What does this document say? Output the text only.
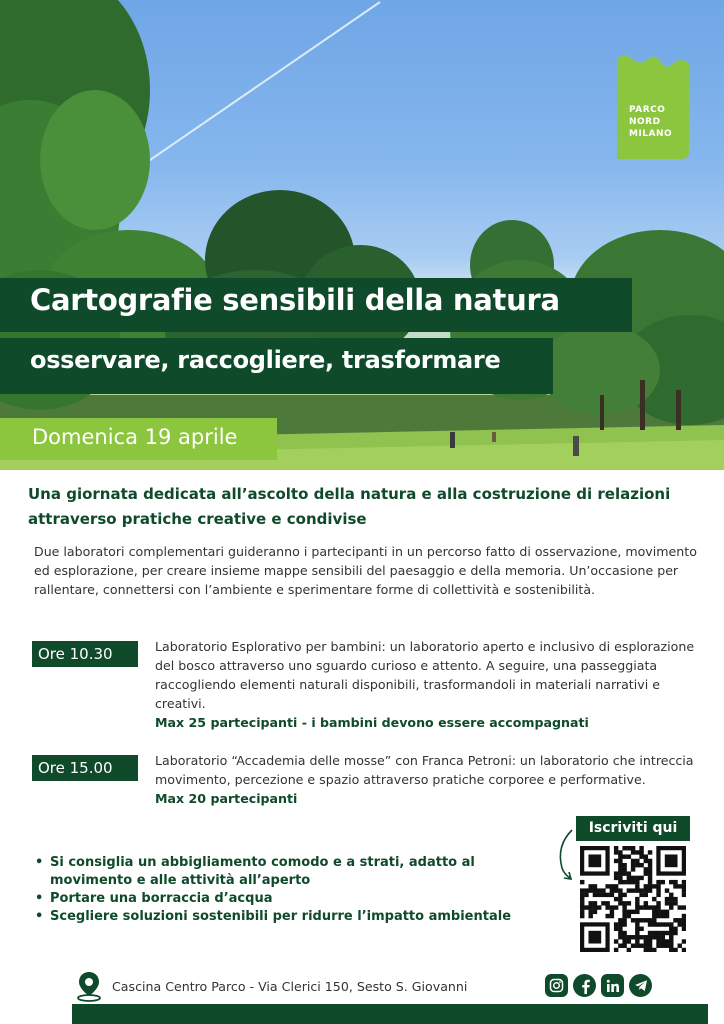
PARCO
NORD
MILANO
Cartografie sensibili della natura
osservare, raccogliere, trasformare
Domenica 19 aprile
Una giornata dedicata all’ascolto della natura e alla costruzione di relazioni attraverso pratiche creative e condivise
Due laboratori complementari guideranno i partecipanti in un percorso fatto di osservazione, movimento ed esplorazione, per creare insieme mappe sensibili del paesaggio e della memoria. Un’occasione per rallentare, connettersi con l’ambiente e sperimentare forme di collettività e sostenibilità.
Ore 10.30	Laboratorio Esplorativo per bambini: un laboratorio aperto e inclusivo di esplorazione del bosco attraverso uno sguardo curioso e attento. A seguire, una passeggiata raccogliendo elementi naturali disponibili, trasformandoli in materiali narrativi e creativi.
Max 25 partecipanti - i bambini devono essere accompagnati
Ore 15.00	Laboratorio “Accademia delle mosse” con Franca Petroni: un laboratorio che intreccia movimento, percezione e spazio attraverso pratiche corporee e performative.
Max 20 partecipanti
Iscriviti qui
• Si consiglia un abbigliamento comodo e a strati, adatto al movimento e alle attività all’aperto
• Portare una borraccia d’acqua
• Scegliere soluzioni sostenibili per ridurre l’impatto ambientale
Cascina Centro Parco - Via Clerici 150, Sesto S. Giovanni
